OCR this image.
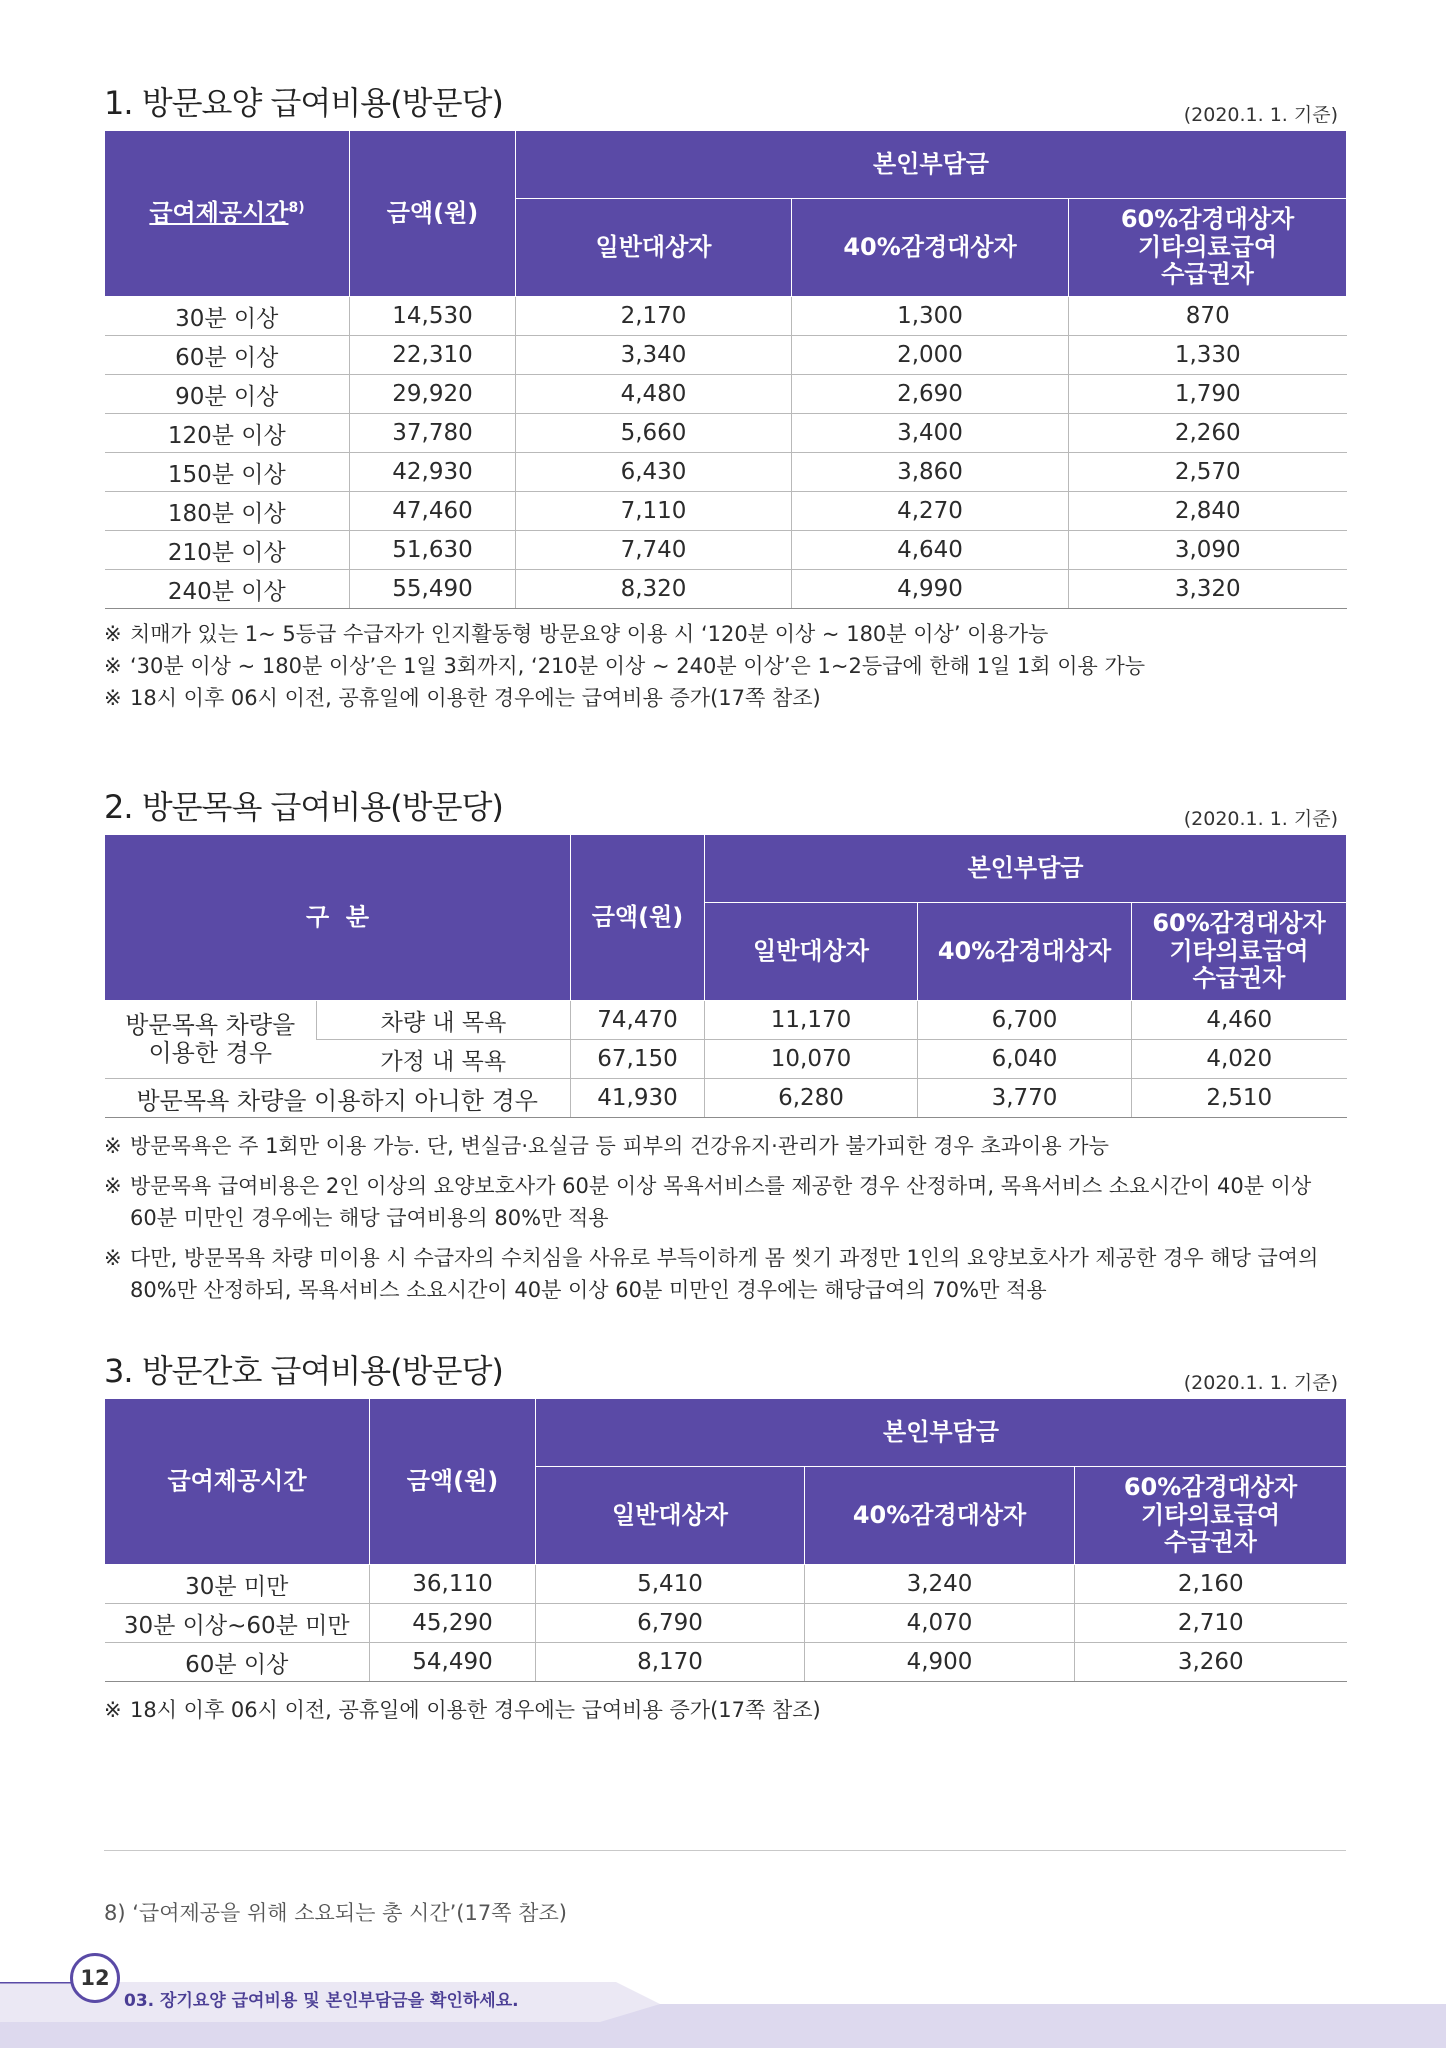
1. 방문요양 급여비용(방문당)	(2020.1. 1. 기준)
급여제공시간$^{8)}$	금액(원)	본인부담금		
		일반대상자	40%감경대상자	60%감경대상자
기타의료급여
수급권자
30분 이상	14,530	2,170	1,300	870
60분 이상	22,310	3,340	2,000	1,330
90분 이상	29,920	4,480	2,690	1,790
120분 이상	37,780	5,660	3,400	2,260
150분 이상	42,930	6,430	3,860	2,570
180분 이상	47,460	7,110	4,270	2,840
210분 이상	51,630	7,740	4,640	3,090
240분 이상	55,490	8,320	4,990	3,320
※ 치매가 있는 1~ 5등급 수급자가 인지활동형 방문요양 이용 시 ‘120분 이상 ~ 180분 이상’ 이용가능
※ ‘30분 이상 ~ 180분 이상’은 1일 3회까지, ‘210분 이상 ~ 240분 이상’은 1~2등급에 한해 1일 1회 이용 가능
※ 18시 이후 06시 이전, 공휴일에 이용한 경우에는 급여비용 증가(17쪽 참조)
2. 방문목욕 급여비용(방문당)	(2020.1. 1. 기준)
구  분		금액(원)	본인부담금		
			일반대상자	40%감경대상자	60%감경대상자
기타의료급여
수급권자
방문목욕 차량을
이용한 경우	차량 내 목욕	74,470	11,170	6,700	4,460
	가정 내 목욕	67,150	10,070	6,040	4,020
방문목욕 차량을 이용하지 아니한 경우		41,930	6,280	3,770	2,510
※ 방문목욕은 주 1회만 이용 가능. 단, 변실금·요실금 등 피부의 건강유지·관리가 불가피한 경우 초과이용 가능
※ 방문목욕 급여비용은 2인 이상의 요양보호사가 60분 이상 목욕서비스를 제공한 경우 산정하며, 목욕서비스 소요시간이 40분 이상 60분 미만인 경우에는 해당 급여비용의 80%만 적용
※ 다만, 방문목욕 차량 미이용 시 수급자의 수치심을 사유로 부득이하게 몸 씻기 과정만 1인의 요양보호사가 제공한 경우 해당 급여의 80%만 산정하되, 목욕서비스 소요시간이 40분 이상 60분 미만인 경우에는 해당급여의 70%만 적용
3. 방문간호 급여비용(방문당)	(2020.1. 1. 기준)
급여제공시간	금액(원)	본인부담금		
		일반대상자	40%감경대상자	60%감경대상자
기타의료급여
수급권자
30분 미만	36,110	5,410	3,240	2,160
30분 이상~60분 미만	45,290	6,790	4,070	2,710
60분 이상	54,490	8,170	4,900	3,260
※ 18시 이후 06시 이전, 공휴일에 이용한 경우에는 급여비용 증가(17쪽 참조)
8) ‘급여제공을 위해 소요되는 총 시간’(17쪽 참조)
12
03. 장기요양 급여비용 및 본인부담금을 확인하세요.
